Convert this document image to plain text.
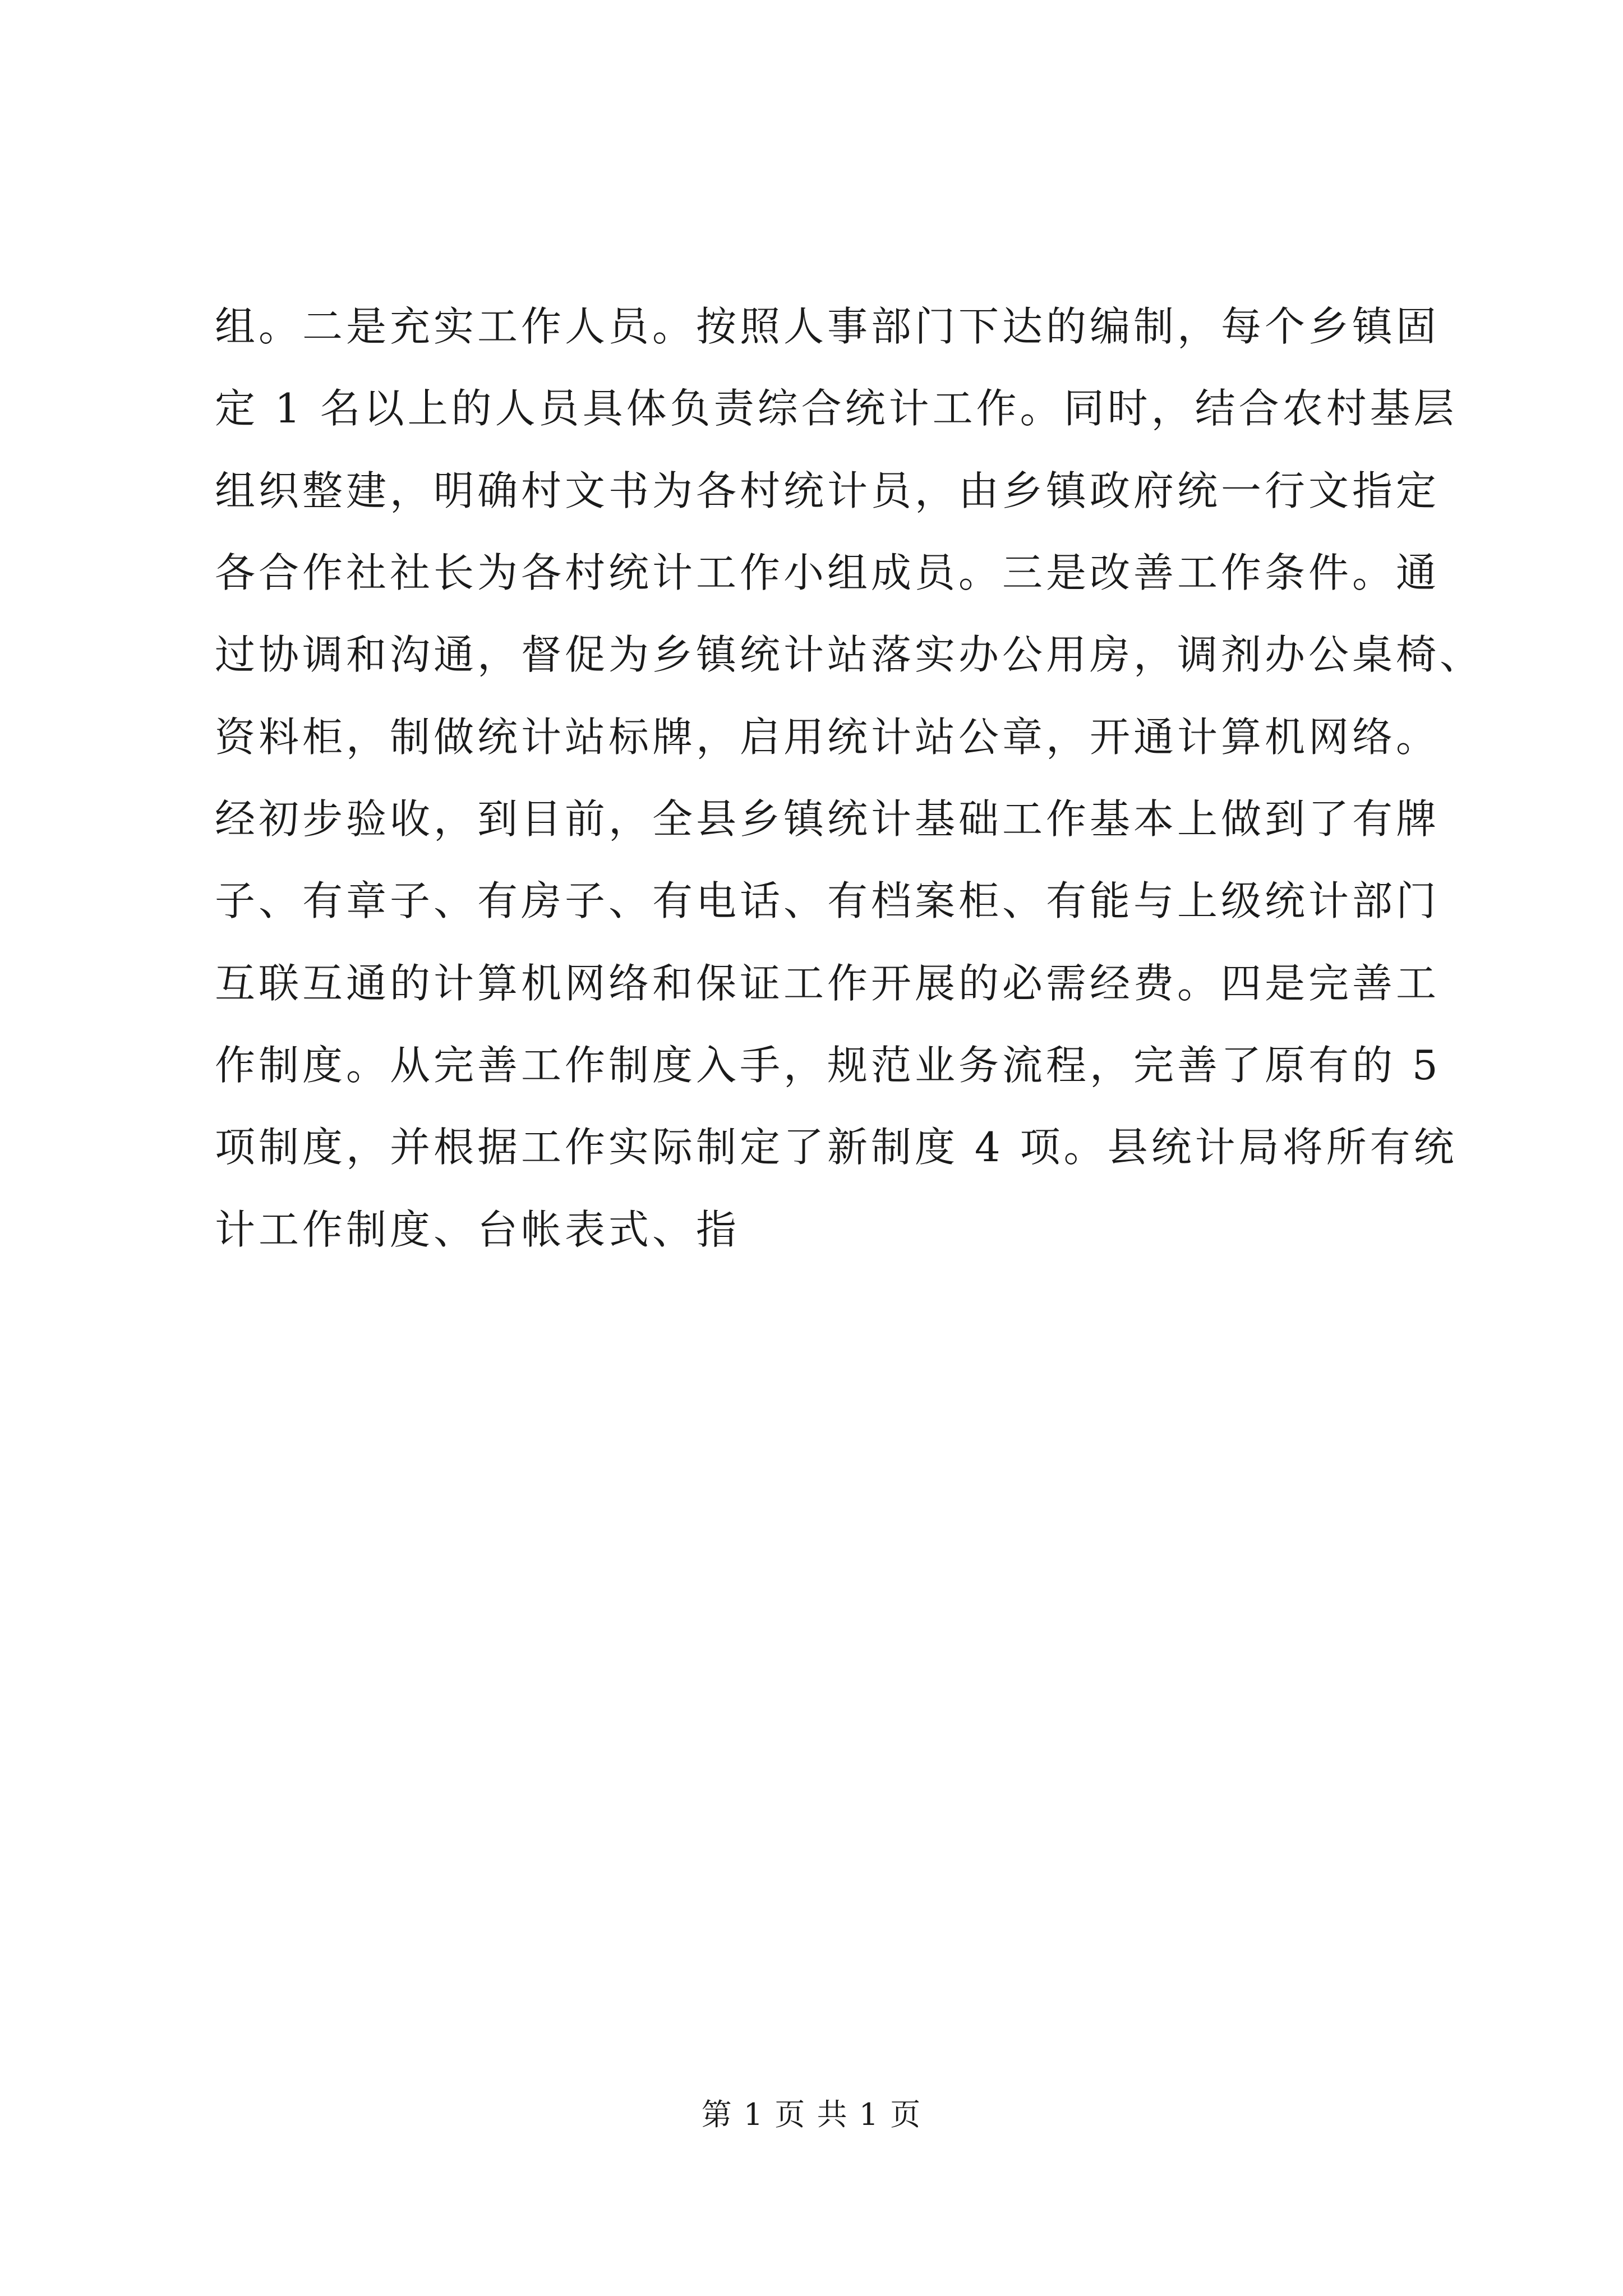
组。二是充实工作人员。按照人事部门下达的编制，每个乡镇固
定 1 名以上的人员具体负责综合统计工作。同时，结合农村基层
组织整建，明确村文书为各村统计员，由乡镇政府统一行文指定
各合作社社长为各村统计工作小组成员。三是改善工作条件。通
过协调和沟通，督促为乡镇统计站落实办公用房，调剂办公桌椅、
资料柜，制做统计站标牌，启用统计站公章，开通计算机网络。
经初步验收，到目前，全县乡镇统计基础工作基本上做到了有牌
子、有章子、有房子、有电话、有档案柜、有能与上级统计部门
互联互通的计算机网络和保证工作开展的必需经费。四是完善工
作制度。从完善工作制度入手，规范业务流程，完善了原有的 5
项制度，并根据工作实际制定了新制度 4 项。县统计局将所有统
计工作制度、台帐表式、指
第 1 页 共 1 页
